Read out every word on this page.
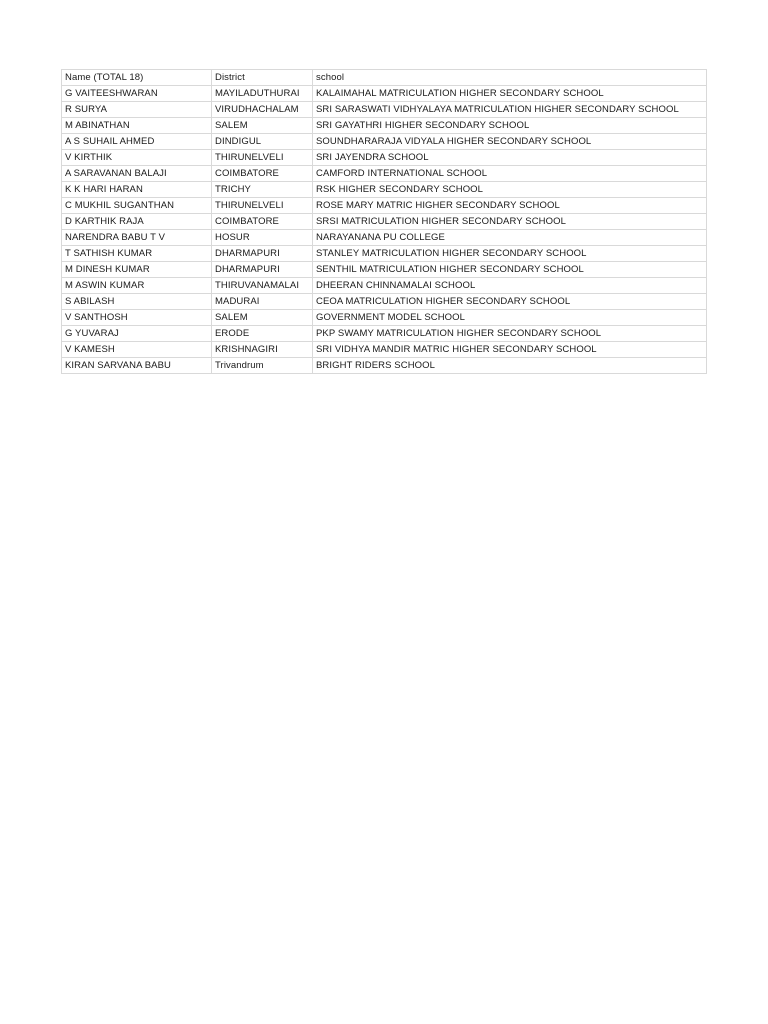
Name (TOTAL 18)	District	school
G VAITEESHWARAN	MAYILADUTHURAI	KALAIMAHAL MATRICULATION HIGHER SECONDARY SCHOOL
R SURYA	VIRUDHACHALAM	SRI SARASWATI VIDHYALAYA MATRICULATION HIGHER SECONDARY SCHOOL
M ABINATHAN	SALEM	SRI GAYATHRI HIGHER SECONDARY SCHOOL
A S SUHAIL AHMED	DINDIGUL	SOUNDHARARAJA VIDYALA HIGHER SECONDARY SCHOOL
V KIRTHIK	THIRUNELVELI	SRI JAYENDRA SCHOOL
A SARAVANAN BALAJI	COIMBATORE	CAMFORD INTERNATIONAL SCHOOL
K K HARI HARAN	TRICHY	RSK HIGHER SECONDARY SCHOOL
C MUKHIL SUGANTHAN	THIRUNELVELI	ROSE MARY MATRIC HIGHER SECONDARY SCHOOL
D KARTHIK RAJA	COIMBATORE	SRSI MATRICULATION HIGHER SECONDARY SCHOOL
NARENDRA BABU T V	HOSUR	NARAYANANA PU COLLEGE
T SATHISH KUMAR	DHARMAPURI	STANLEY MATRICULATION HIGHER SECONDARY SCHOOL
M DINESH KUMAR	DHARMAPURI	SENTHIL MATRICULATION HIGHER SECONDARY SCHOOL
M ASWIN KUMAR	THIRUVANAMALAI	DHEERAN CHINNAMALAI SCHOOL
S ABILASH	MADURAI	CEOA MATRICULATION HIGHER SECONDARY SCHOOL
V SANTHOSH	SALEM	GOVERNMENT MODEL SCHOOL
G YUVARAJ	ERODE	PKP SWAMY MATRICULATION HIGHER SECONDARY SCHOOL
V KAMESH	KRISHNAGIRI	SRI VIDHYA MANDIR MATRIC HIGHER SECONDARY SCHOOL
KIRAN SARVANA BABU	Trivandrum	BRIGHT RIDERS SCHOOL
